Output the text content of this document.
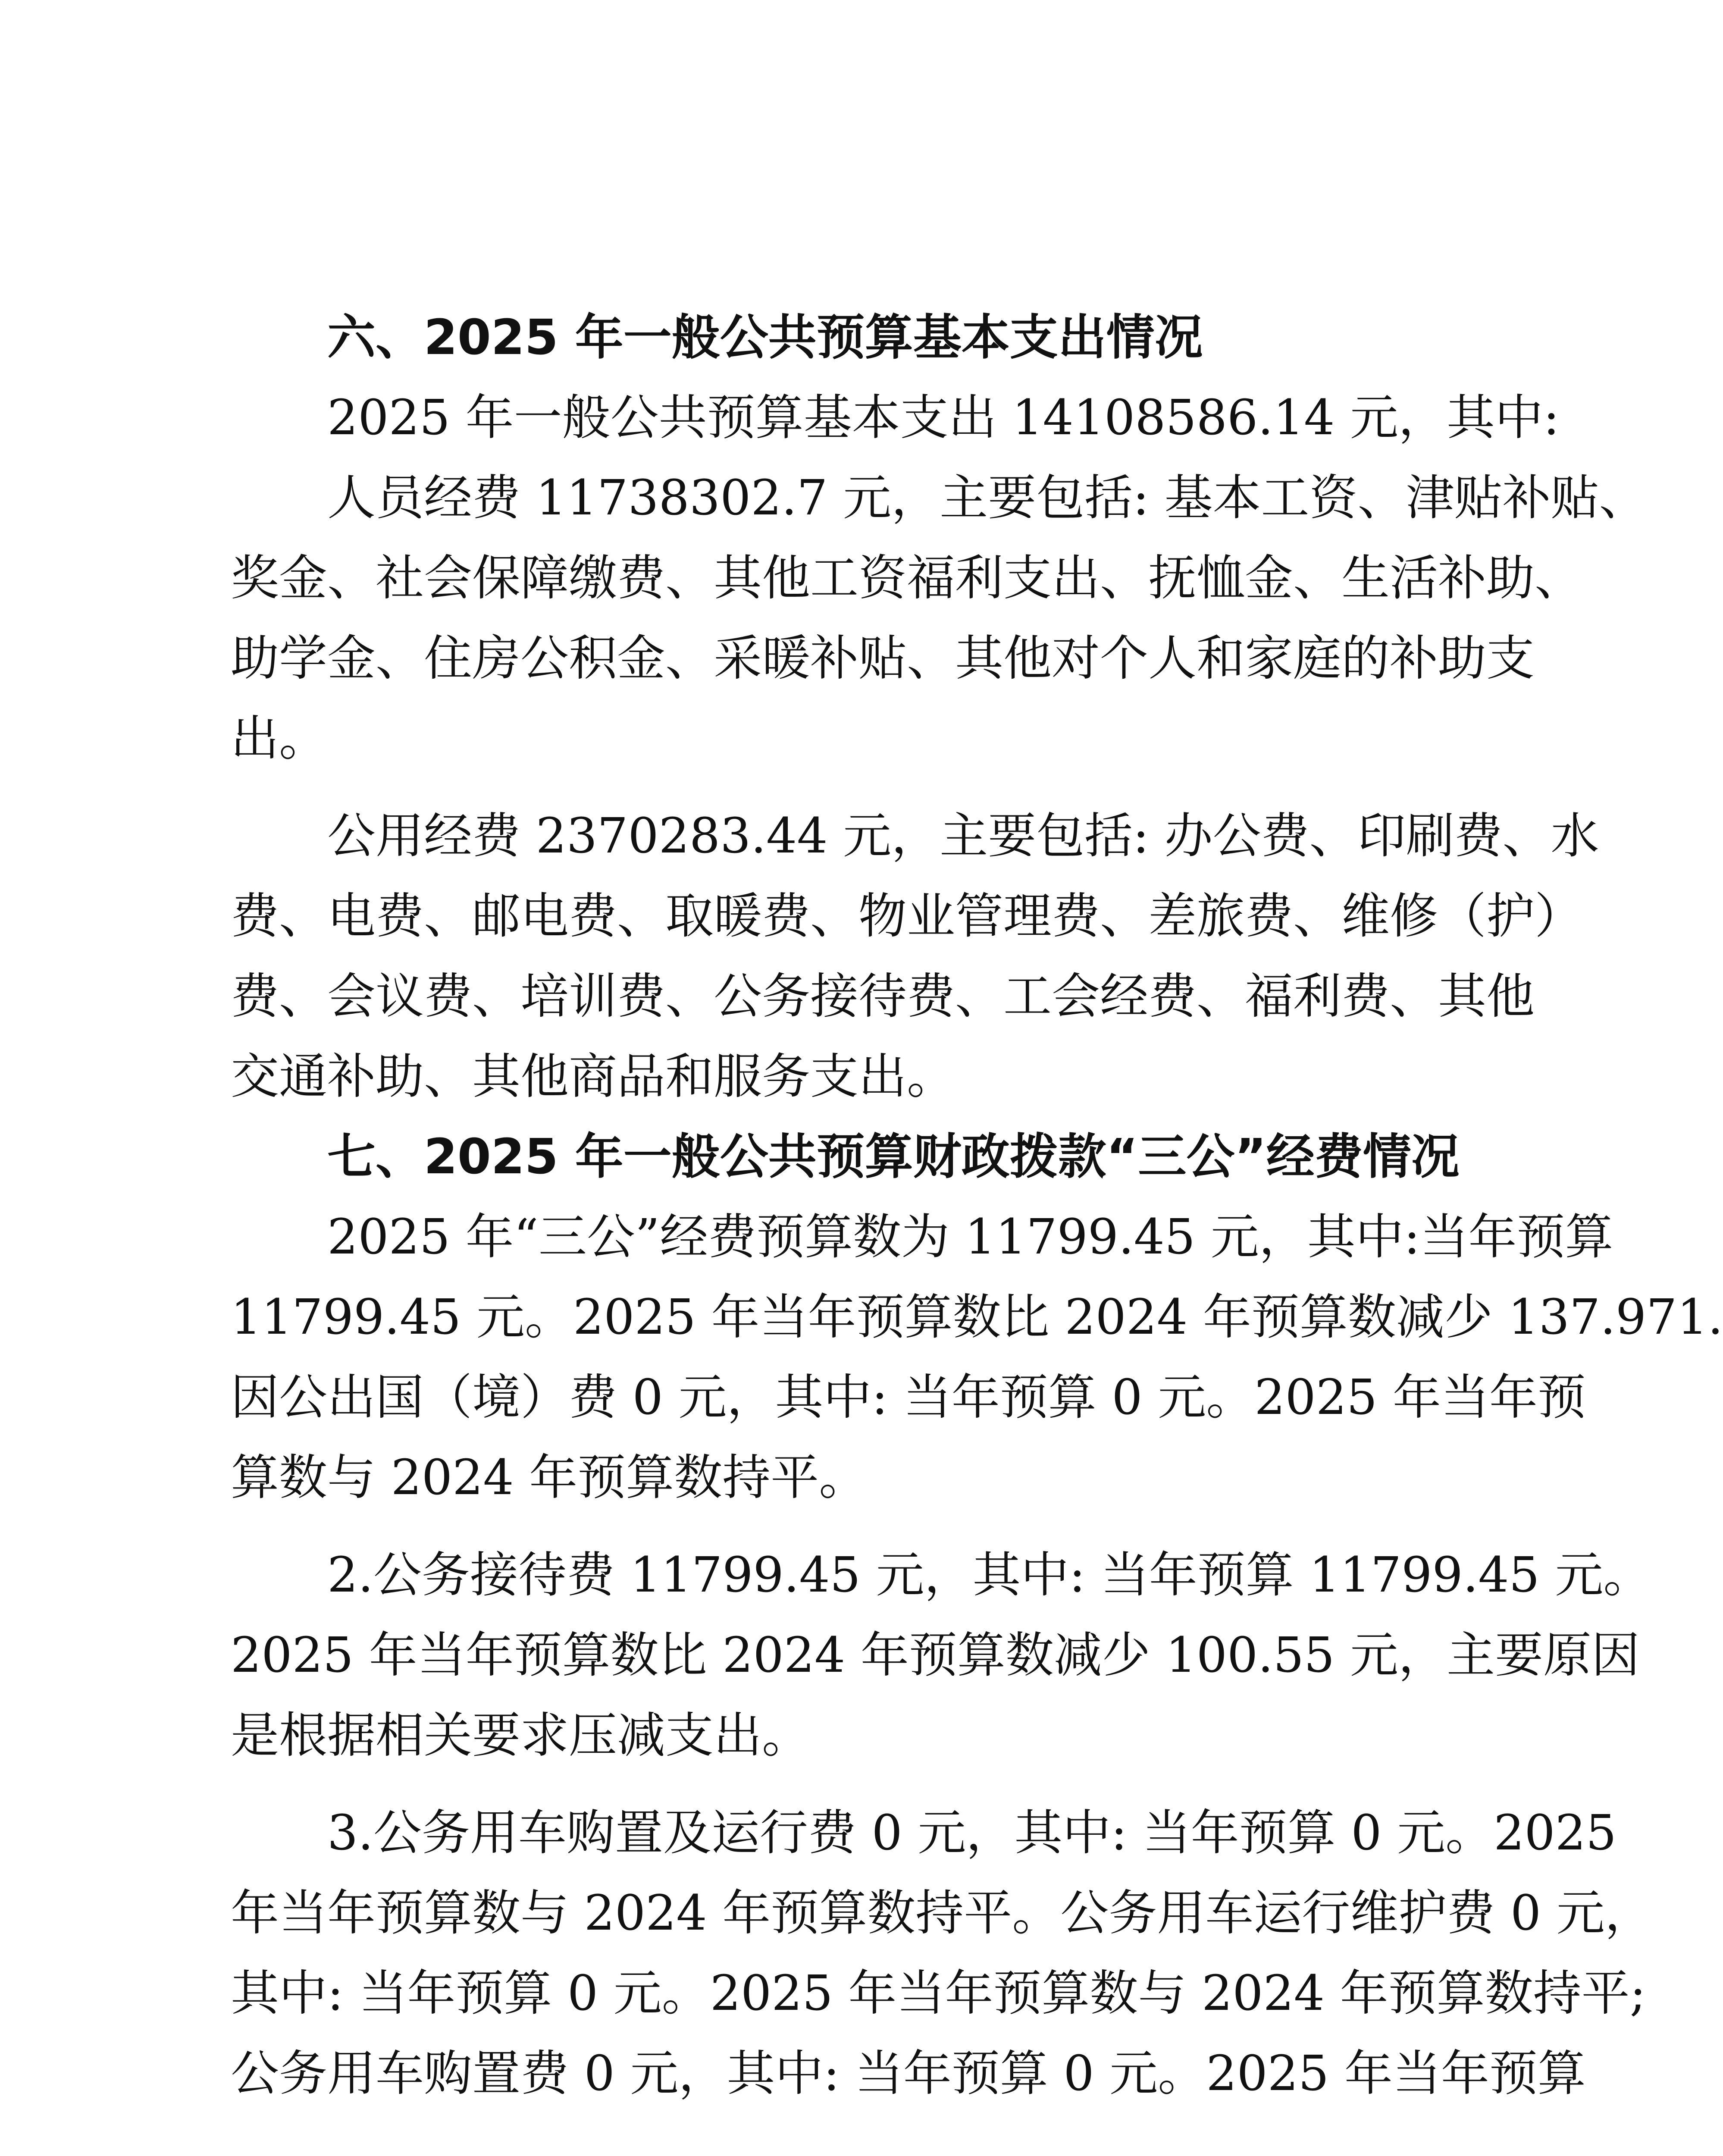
六、2025 年一般公共预算基本支出情况
2025 年一般公共预算基本支出 14108586.14 元，其中:
人员经费 11738302.7 元，主要包括: 基本工资、津贴补贴、
奖金、社会保障缴费、其他工资福利支出、抚恤金、生活补助、
助学金、住房公积金、采暖补贴、其他对个人和家庭的补助支
出。
公用经费 2370283.44 元，主要包括: 办公费、印刷费、水
费、电费、邮电费、取暖费、物业管理费、差旅费、维修（护）
费、会议费、培训费、公务接待费、工会经费、福利费、其他
交通补助、其他商品和服务支出。
七、2025 年一般公共预算财政拨款“三公”经费情况
2025 年“三公”经费预算数为 11799.45 元，其中:当年预算
11799.45 元。2025 年当年预算数比 2024 年预算数减少 137.971.
因公出国（境）费 0 元，其中: 当年预算 0 元。2025 年当年预
算数与 2024 年预算数持平。
2.公务接待费 11799.45 元，其中: 当年预算 11799.45 元。
2025 年当年预算数比 2024 年预算数减少 100.55 元，主要原因
是根据相关要求压减支出。
3.公务用车购置及运行费 0 元，其中: 当年预算 0 元。2025
年当年预算数与 2024 年预算数持平。公务用车运行维护费 0 元，
其中: 当年预算 0 元。2025 年当年预算数与 2024 年预算数持平;
公务用车购置费 0 元，其中: 当年预算 0 元。2025 年当年预算
